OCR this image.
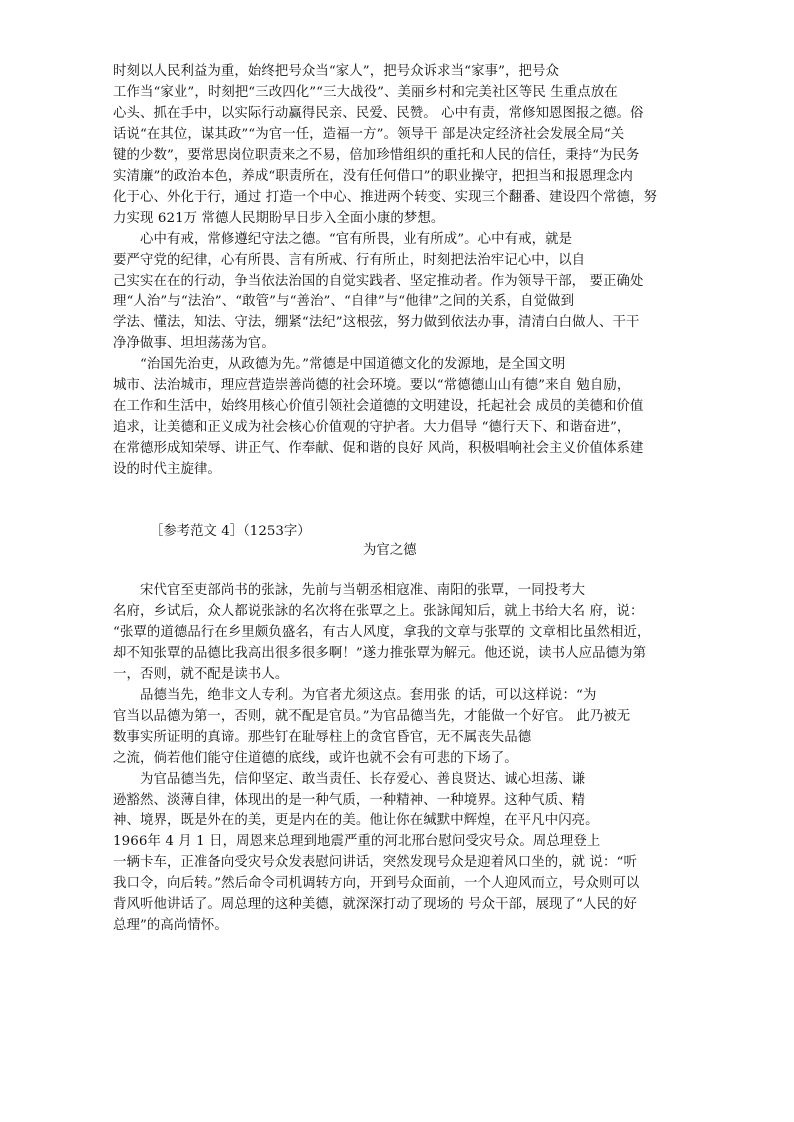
时刻以人民利益为重，始终把号众当“家人”，把号众诉求当“家事”，把号众
工作当“家业”，时刻把“三改四化”“三大战役”、美丽乡村和完美社区等民 生重点放在
心头、抓在手中，以实际行动赢得民亲、民爱、民赞。 心中有责，常修知恩图报之德。俗
话说“在其位，谋其政”“为官一任，造福一方”。领导干 部是决定经济社会发展全局“关
键的少数”，要常思岗位职责来之不易，倍加珍惜组织的重托和人民的信任，秉持“为民务
实清廉”的政治本色，养成“职责所在，没有任何借口”的职业操守，把担当和报恩理念内
化于心、外化于行，通过 打造一个中心、推进两个转变、实现三个翻番、建设四个常德，努
力实现 621万 常德人民期盼早日步入全面小康的梦想。
　　心中有戒，常修遵纪守法之德。“官有所畏，业有所成”。心中有戒，就是
要严守党的纪律，心有所畏、言有所戒、行有所止，时刻把法治牢记心中，以自
己实实在在的行动，争当依法治国的自觉实践者、坚定推动者。作为领导干部， 要正确处
理“人治”与“法治”、“敢管”与“善治”、“自律”与“他律”之间的关系，自觉做到
学法、懂法，知法、守法，绷紧“法纪”这根弦，努力做到依法办事，清清白白做人、干干
净净做事、坦坦荡荡为官。
　　“治国先治吏，从政德为先。”常德是中国道德文化的发源地，是全国文明
城市、法治城市，理应营造崇善尚德的社会环境。要以“常德德山山有德”来自 勉自励，
在工作和生活中，始终用核心价值引领社会道德的文明建设，托起社会 成员的美德和价值
追求，让美德和正义成为社会核心价值观的守护者。大力倡导 “德行天下、和谐奋进”，
在常德形成知荣辱、讲正气、作奉献、促和谐的良好 风尚，积极唱响社会主义价值体系建
设的时代主旋律。
［参考范文 4］（1253字）
为官之德
　　宋代官至吏部尚书的张詠，先前与当朝丞相寇准、南阳的张覃，一同投考大
名府，乡试后，众人都说张詠的名次将在张覃之上。张詠闻知后，就上书给大名 府，说：
“张覃的道德品行在乡里颇负盛名，有古人风度，拿我的文章与张覃的 文章相比虽然相近，
却不知张覃的品德比我高出很多很多啊！”遂力推张覃为解元。他还说，读书人应品德为第
一，否则，就不配是读书人。
　　品德当先，绝非文人专利。为官者尤须这点。套用张 的话，可以这样说：“为
官当以品德为第一，否则，就不配是官员。”为官品德当先，才能做一个好官。 此乃被无
数事实所证明的真谛。那些钉在耻辱柱上的贪官昏官，无不属丧失品德
之流，倘若他们能守住道德的底线，或许也就不会有可悲的下场了。
　　为官品德当先，信仰坚定、敢当责任、长存爱心、善良贤达、诚心坦荡、谦
逊豁然、淡薄自律，体现出的是一种气质，一种精神、一种境界。这种气质、精
神、境界，既是外在的美，更是内在的美。他让你在缄默中辉煌，在平凡中闪亮。
1966年 4 月 1 日，周恩来总理到地震严重的河北邢台慰问受灾号众。周总理登上
一辆卡车，正准备向受灾号众发表慰问讲话，突然发现号众是迎着风口坐的，就 说：“听
我口令，向后转。”然后命令司机调转方向，开到号众面前，一个人迎风而立，号众则可以
背风听他讲话了。周总理的这种美德，就深深打动了现场的 号众干部，展现了“人民的好
总理”的高尚情怀。
